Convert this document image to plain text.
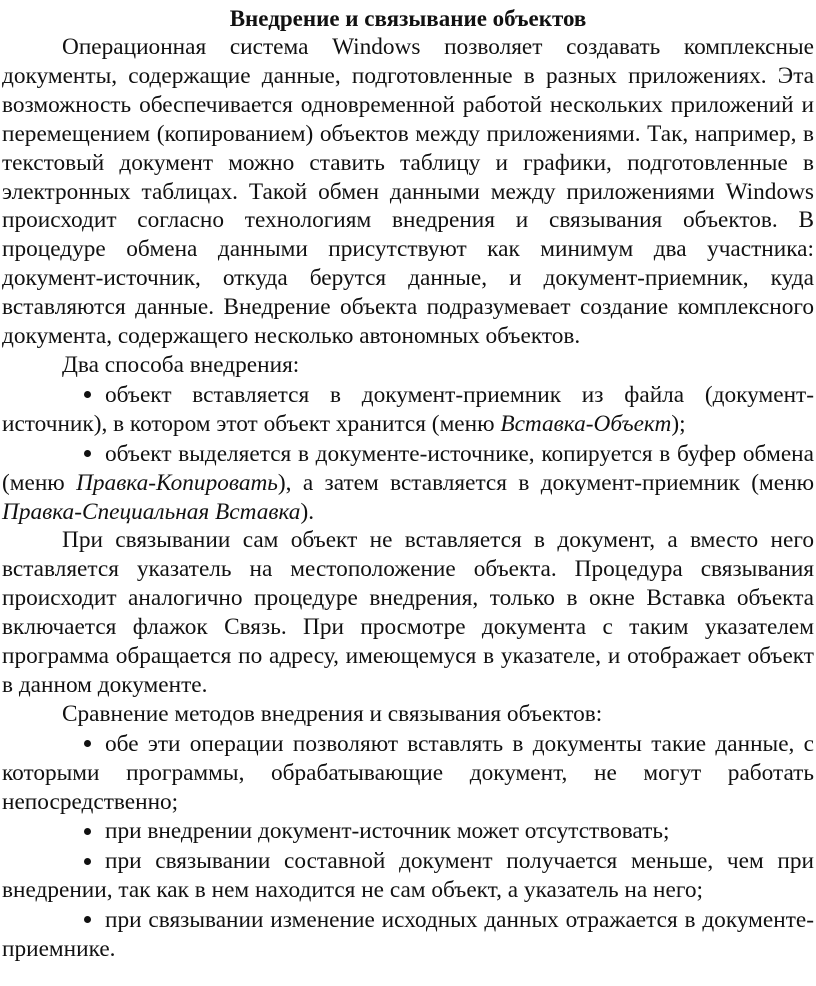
Внедрение и связывание объектов

Операционная система Windows позволяет создавать комплексные документы, содержащие данные, подготовленные в разных приложениях. Эта возможность обеспечивается одновременной работой нескольких приложений и перемещением (копированием) объектов между приложениями. Так, например, в текстовый документ можно ставить таблицу и графики, подготовленные в электронных таблицах. Такой обмен данными между приложениями Windows происходит согласно технологиям внедрения и связывания объектов. В процедуре обмена данными присутствуют как минимум два участника: документ-источник, откуда берутся данные, и документ-приемник, куда вставляются данные. Внедрение объекта подразумевает создание комплексного документа, содержащего несколько автономных объектов.

Два способа внедрения:

объект вставляется в документ-приемник из файла (документ-источник), в котором этот объект хранится (меню Вставка-Объект);

объект выделяется в документе-источнике, копируется в буфер обмена (меню Правка-Копировать), а затем вставляется в документ-приемник (меню Правка-Специальная Вставка).

При связывании сам объект не вставляется в документ, а вместо него вставляется указатель на местоположение объекта. Процедура связывания происходит аналогично процедуре внедрения, только в окне Вставка объекта включается флажок Связь. При просмотре документа с таким указателем программа обращается по адресу, имеющемуся в указателе, и отображает объект в данном документе.

Сравнение методов внедрения и связывания объектов:

обе эти операции позволяют вставлять в документы такие данные, с которыми программы, обрабатывающие документ, не могут работать непосредственно;

при внедрении документ-источник может отсутствовать;

при связывании составной документ получается меньше, чем при внедрении, так как в нем находится не сам объект, а указатель на него;

при связывании изменение исходных данных отражается в документе-приемнике.
